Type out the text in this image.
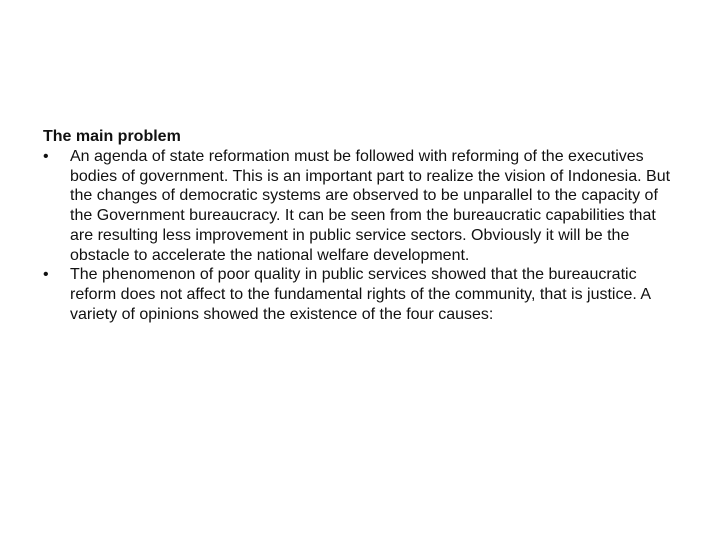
The main problem

•	An agenda of state reformation must be followed with reforming of the executives bodies of government. This is an important part to realize the vision of Indonesia. But the changes of democratic systems are observed to be unparallel to the capacity of the Government bureaucracy. It can be seen from the bureaucratic capabilities that are resulting less improvement in public service sectors. Obviously it will be the obstacle to accelerate the national welfare development.
•	The phenomenon of poor quality in public services showed that the bureaucratic reform does not affect to the fundamental rights of the community, that is justice. A variety of opinions showed the existence of the four causes:
